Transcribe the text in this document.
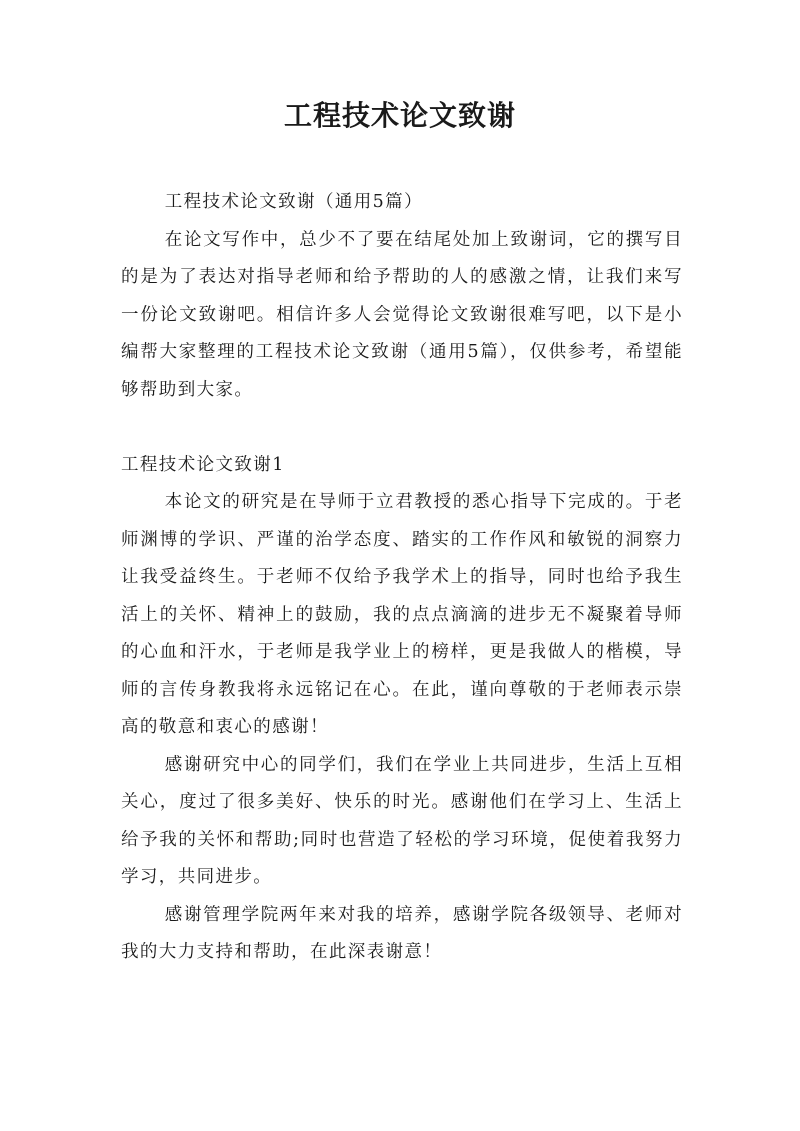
工程技术论文致谢

工程技术论文致谢（通用5篇）

在论文写作中，总少不了要在结尾处加上致谢词，它的撰写目的是为了表达对指导老师和给予帮助的人的感激之情，让我们来写一份论文致谢吧。相信许多人会觉得论文致谢很难写吧，以下是小编帮大家整理的工程技术论文致谢（通用5篇），仅供参考，希望能够帮助到大家。

工程技术论文致谢1

本论文的研究是在导师于立君教授的悉心指导下完成的。于老师渊博的学识、严谨的治学态度、踏实的工作作风和敏锐的洞察力让我受益终生。于老师不仅给予我学术上的指导，同时也给予我生活上的关怀、精神上的鼓励，我的点点滴滴的进步无不凝聚着导师的心血和汗水，于老师是我学业上的榜样，更是我做人的楷模，导师的言传身教我将永远铭记在心。在此，谨向尊敬的于老师表示崇高的敬意和衷心的感谢！

感谢研究中心的同学们，我们在学业上共同进步，生活上互相关心，度过了很多美好、快乐的时光。感谢他们在学习上、生活上给予我的关怀和帮助;同时也营造了轻松的学习环境，促使着我努力学习，共同进步。

感谢管理学院两年来对我的培养，感谢学院各级领导、老师对我的大力支持和帮助，在此深表谢意！
